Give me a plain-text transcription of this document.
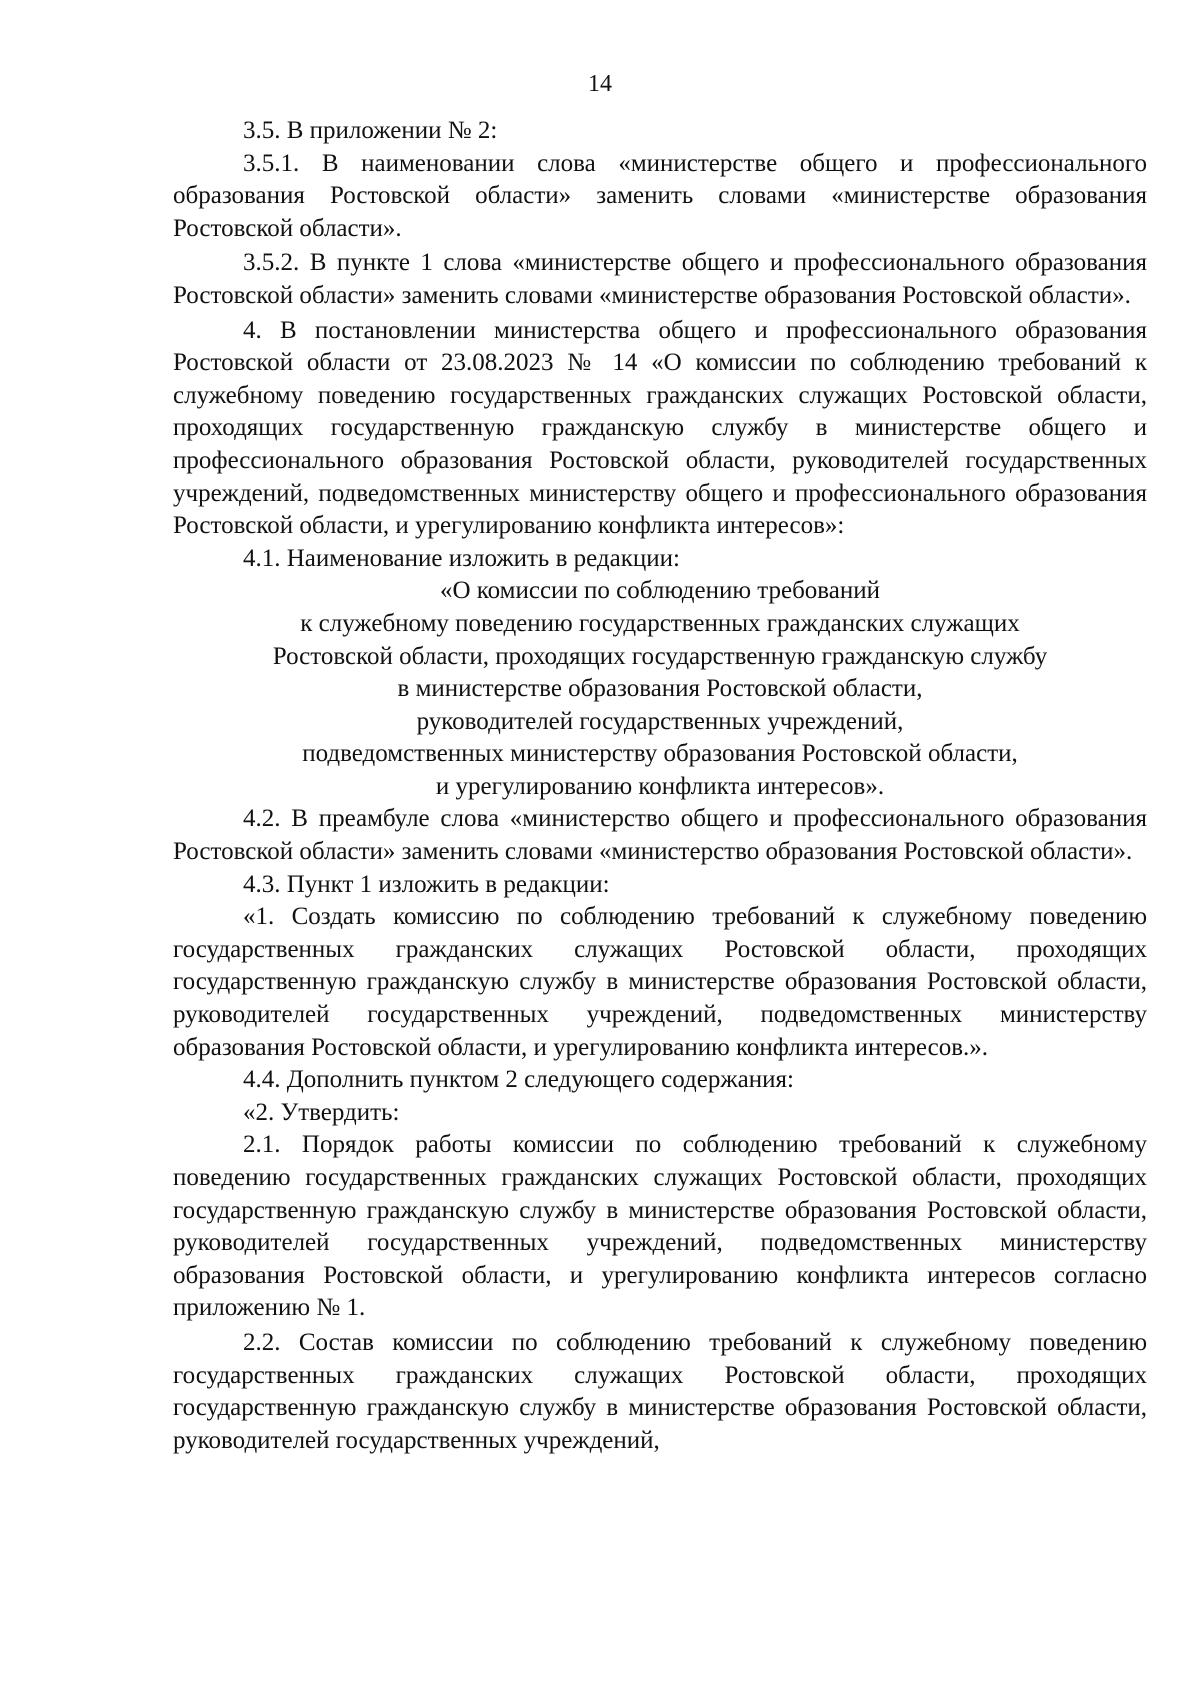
14

3.5. В приложении № 2:

3.5.1. В наименовании слова «министерстве общего и профессионального образования Ростовской области» заменить словами «министерстве образования Ростовской области».

3.5.2. В пункте 1 слова «министерстве общего и профессионального образования Ростовской области» заменить словами «министерстве образования Ростовской области».

4. В постановлении министерства общего и профессионального образования Ростовской области от 23.08.2023 № 14 «О комиссии по соблюдению требований к служебному поведению государственных гражданских служащих Ростовской области, проходящих государственную гражданскую службу в министерстве общего и профессионального образования Ростовской области, руководителей государственных учреждений, подведомственных министерству общего и профессионального образования Ростовской области, и урегулированию конфликта интересов»:

4.1. Наименование изложить в редакции:

«О комиссии по соблюдению требований
к служебному поведению государственных гражданских служащих
Ростовской области, проходящих государственную гражданскую службу
в министерстве образования Ростовской области,
руководителей государственных учреждений,
подведомственных министерству образования Ростовской области,
и урегулированию конфликта интересов».

4.2. В преамбуле слова «министерство общего и профессионального образования Ростовской области» заменить словами «министерство образования Ростовской области».

4.3. Пункт 1 изложить в редакции:

«1. Создать комиссию по соблюдению требований к служебному поведению государственных гражданских служащих Ростовской области, проходящих государственную гражданскую службу в министерстве образования Ростовской области, руководителей государственных учреждений, подведомственных министерству образования Ростовской области, и урегулированию конфликта интересов.».

4.4. Дополнить пунктом 2 следующего содержания:

«2. Утвердить:

2.1. Порядок работы комиссии по соблюдению требований к служебному поведению государственных гражданских служащих Ростовской области, проходящих государственную гражданскую службу в министерстве образования Ростовской области, руководителей государственных учреждений, подведомственных министерству образования Ростовской области, и урегулированию конфликта интересов согласно приложению № 1.

2.2. Состав комиссии по соблюдению требований к служебному поведению государственных гражданских служащих Ростовской области, проходящих государственную гражданскую службу в министерстве образования Ростовской области, руководителей государственных учреждений,
